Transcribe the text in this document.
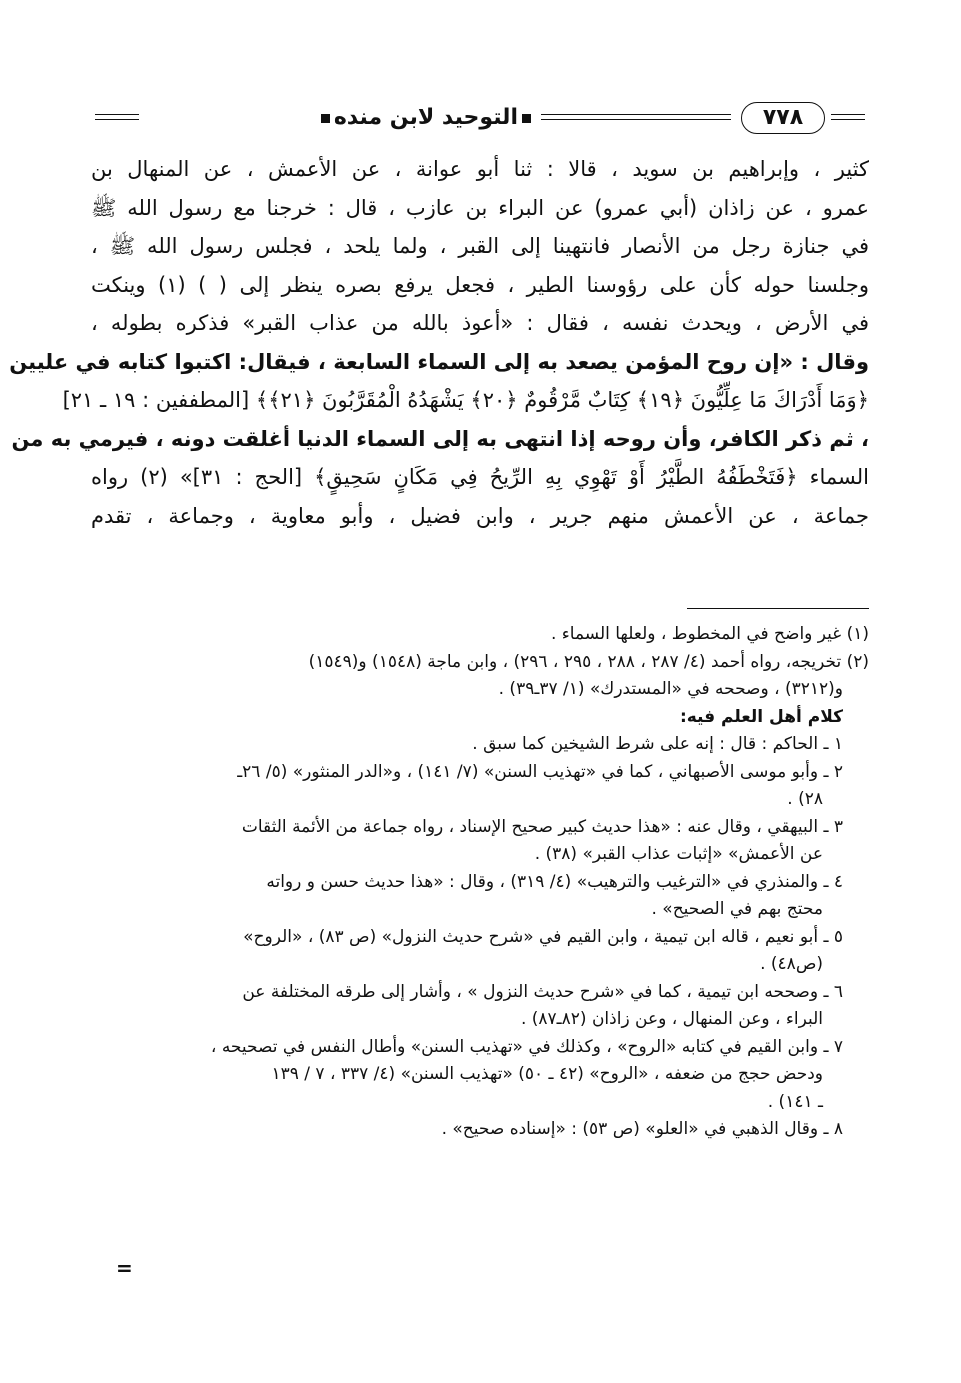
٧٧٨
التوحيد لابن منده
كثير ، وإبراهيم بن سويد ، قالا : ثنا أبو عوانة ، عن الأعمش ، عن المنهال بن
عمرو ، عن زاذان (أبي عمرو) عن البراء بن عازب ، قال : خرجنا مع رسول الله ﷺ
في جنازة رجل من الأنصار فانتهينا إلى القبر ، ولما يلحد ، فجلس رسول الله ﷺ ،
وجلسنا حوله كأن على رؤوسنا الطير ، فجعل يرفع بصره ينظر إلى ( ) (١) وينكت
في الأرض ، ويحدث نفسه ، فقال : «أعوذ بالله من عذاب القبر» فذكره بطوله ،
وقال : «إن روح المؤمن يصعد به إلى السماء السابعة ، فيقال: اكتبوا كتابه في عليين
﴿وَمَا أَدْرَاكَ مَا عِلِّيُّونَ ﴿١٩﴾ كِتَابٌ مَّرْقُومٌ ﴿٢٠﴾ يَشْهَدُهُ الْمُقَرَّبُونَ ﴿٢١﴾﴾ [المطففين : ١٩ ـ ٢١]
، ثم ذكر الكافر، وأن روحه إذا انتهى به إلى السماء الدنيا أغلقت دونه ، فيرمي به من
السماء ﴿فَتَخْطَفُهُ الطَّيْرُ أَوْ تَهْوِي بِهِ الرِّيحُ فِي مَكَانٍ سَحِيقٍ﴾ [الحج : ٣١]» (٢) رواه
جماعة ، عن الأعمش منهم جرير ، وابن فضيل ، وأبو معاوية ، وجماعة ، تقدم
(١) غير واضح في المخطوط ، ولعلها السماء .
(٢) تخريجه، رواه أحمد (٤/ ٢٨٧ ، ٢٨٨ ، ٢٩٥ ، ٢٩٦) ، وابن ماجة (١٥٤٨) و(١٥٤٩)
و(٣٢١٢) ، وصححه في «المستدرك» (١/ ٣٧ـ٣٩) .
كلام أهل العلم فيه:
١ ـ الحاكم : قال : إنه على شرط الشيخين كما سبق .
٢ ـ وأبو موسى الأصبهاني ، كما في «تهذيب السنن» (٧/ ١٤١) ، و«الدر المنثور» (٥/ ٢٦ـ
٢٨) .
٣ ـ البيهقي ، وقال عنه : «هذا حديث كبير صحيح الإسناد ، رواه جماعة من الأئمة الثقات
عن الأعمش» «إثبات عذاب القبر» (٣٨) .
٤ ـ والمنذري في «الترغيب والترهيب» (٤/ ٣١٩) ، وقال : «هذا حديث حسن و رواته
محتج بهم في الصحيح» .
٥ ـ أبو نعيم ، قاله ابن تيمية ، وابن القيم في «شرح حديث النزول» (ص ٨٣) ، «الروح»
(ص٤٨) .
٦ ـ وصححه ابن تيمية ، كما في «شرح حديث النزول » ، وأشار إلى طرقه المختلفة عن
البراء ، وعن المنهال ، وعن زاذان (٨٢ـ٨٧) .
٧ ـ وابن القيم في كتابه «الروح» ، وكذلك في «تهذيب السنن» وأطال النفس في تصحيحه ،
ودحض حجج من ضعفه ، «الروح» (٤٢ ـ ٥٠) «تهذيب السنن» (٤/ ٣٣٧ ، ٧ / ١٣٩
ـ ١٤١) .
٨ ـ وقال الذهبي في «العلو» (ص ٥٣) : «إسناده صحيح» .
=
